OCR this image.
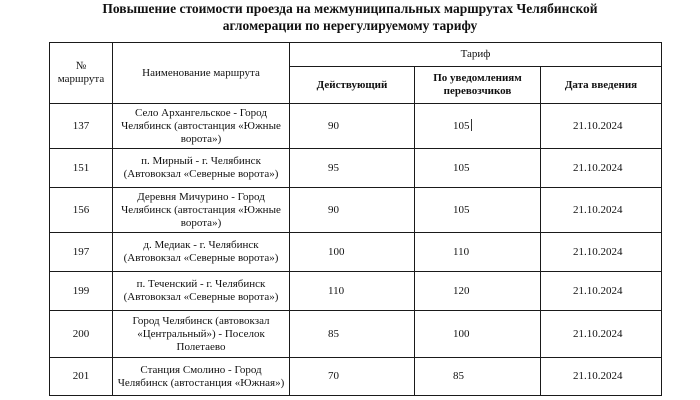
Повышение стоимости проезда на межмуниципальных маршрутах Челябинской
агломерации по нерегулируемому тарифу
№ маршрута	Наименование маршрута	Тариф		
		Действующий	По уведомлениям перевозчиков	Дата введения
137	Село Архангельское - Город Челябинск (автостанция «Южные ворота»)	90	105	21.10.2024
151	п. Мирный - г. Челябинск (Автовокзал «Северные ворота»)	95	105	21.10.2024
156	Деревня Мичурино - Город Челябинск (автостанция «Южные ворота»)	90	105	21.10.2024
197	д. Медиак - г. Челябинск (Автовокзал «Северные ворота»)	100	110	21.10.2024
199	п. Теченский - г. Челябинск (Автовокзал «Северные ворота»)	110	120	21.10.2024
200	Город Челябинск (автовокзал «Центральный») - Поселок Полетаево	85	100	21.10.2024
201	Станция Смолино - Город Челябинск (автостанция «Южная»)	70	85	21.10.2024
